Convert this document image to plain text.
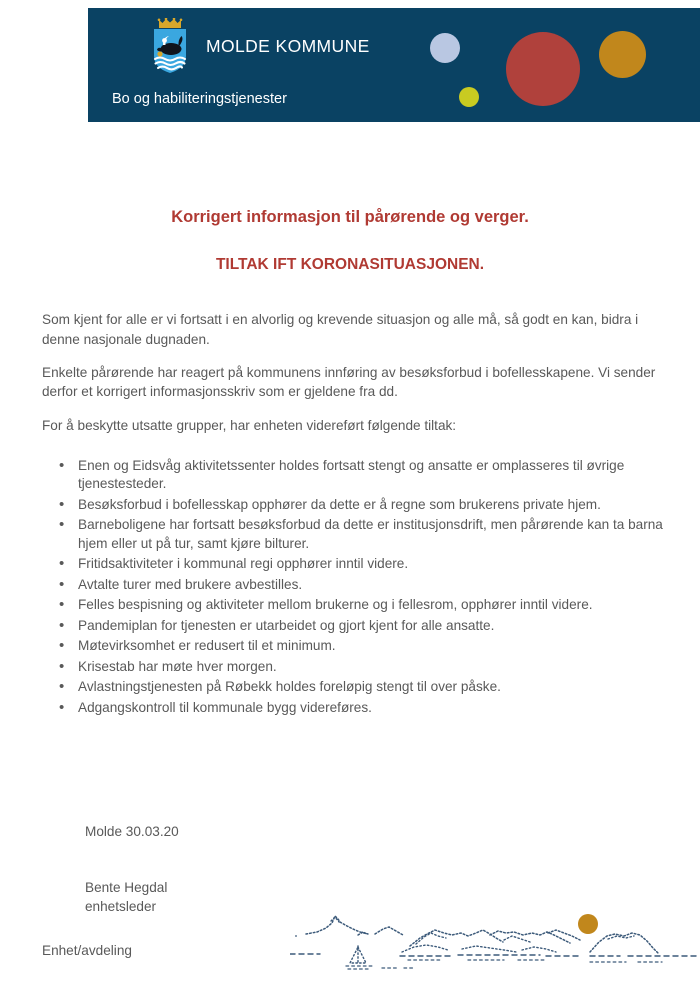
MOLDE KOMMUNE
Bo og habiliteringstjenester
Korrigert informasjon til pårørende og verger.
TILTAK IFT KORONASITUASJONEN.

Som kjent for alle er vi fortsatt i en alvorlig og krevende situasjon og alle må, så godt en kan, bidra i denne nasjonale dugnaden.

Enkelte pårørende har reagert på kommunens innføring av besøksforbud i bofellesskapene. Vi sender derfor et korrigert informasjonsskriv som er gjeldene fra dd.

For å beskytte utsatte grupper, har enheten videreført følgende tiltak:

• Enen og Eidsvåg aktivitetssenter holdes fortsatt stengt og ansatte er omplasseres til øvrige tjenestesteder.
• Besøksforbud i bofellesskap opphører da dette er å regne som brukerens private hjem.
• Barneboligene har fortsatt besøksforbud da dette er institusjonsdrift, men pårørende kan ta barna hjem eller ut på tur, samt kjøre bilturer.
• Fritidsaktiviteter i kommunal regi opphører inntil videre.
• Avtalte turer med brukere avbestilles.
• Felles bespisning og aktiviteter mellom brukerne og i fellesrom, opphører inntil videre.
• Pandemiplan for tjenesten er utarbeidet og gjort kjent for alle ansatte.
• Møtevirksomhet er redusert til et minimum.
• Krisestab har møte hver morgen.
• Avlastningstjenesten på Røbekk holdes foreløpig stengt til over påske.
• Adgangskontroll til kommunale bygg videreføres.
Molde 30.03.20
Bente Hegdal
enhetsleder
Enhet/avdeling
